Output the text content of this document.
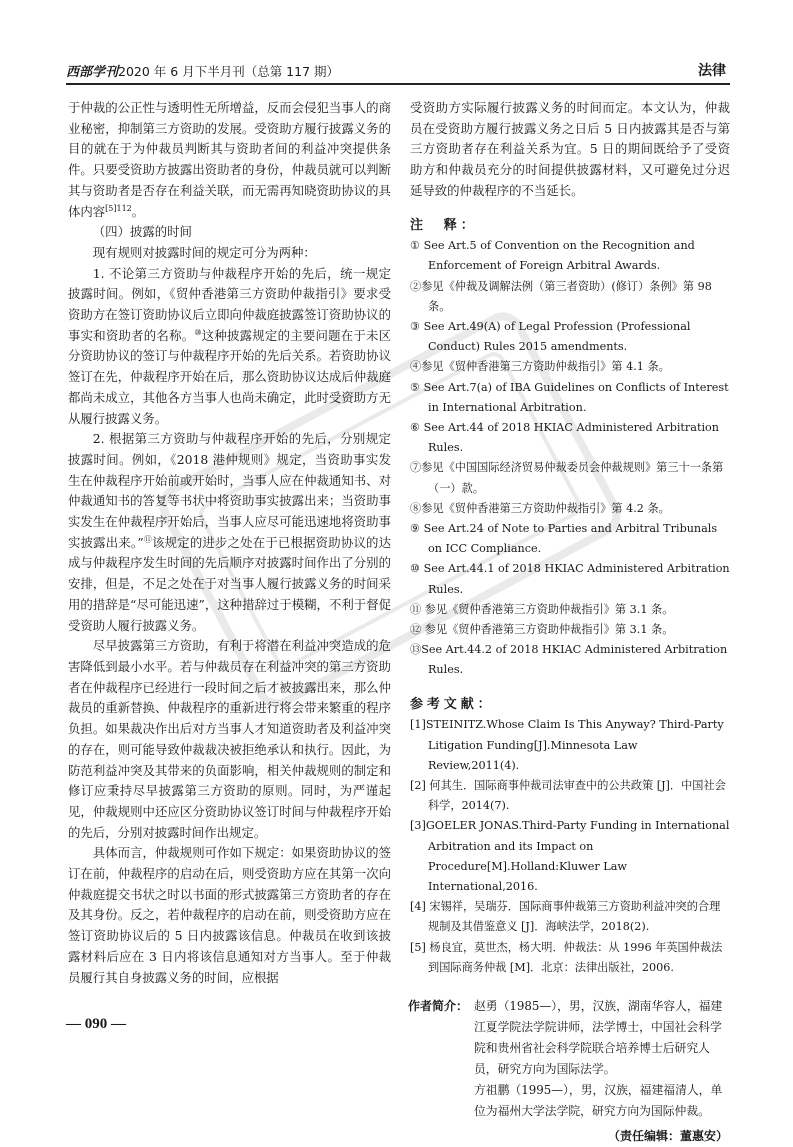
西部学刊2020 年 6 月下半月刊（总第 117 期）	法律

于仲裁的公正性与透明性无所增益，反而会侵犯当事人的商业秘密，抑制第三方资助的发展。受资助方履行披露义务的目的就在于为仲裁员判断其与资助者间的利益冲突提供条件。只要受资助方披露出资助者的身份，仲裁员就可以判断其与资助者是否存在利益关联，而无需再知晓资助协议的具体内容$^{[5]112}$。

（四）披露的时间

现有规则对披露时间的规定可分为两种：

1. 不论第三方资助与仲裁程序开始的先后，统一规定披露时间。例如，《贸仲香港第三方资助仲裁指引》要求受资助方在签订资助协议后立即向仲裁庭披露签订资助协议的事实和资助者的名称。⑩这种披露规定的主要问题在于未区分资助协议的签订与仲裁程序开始的先后关系。若资助协议签订在先，仲裁程序开始在后，那么资助协议达成后仲裁庭都尚未成立，其他各方当事人也尚未确定，此时受资助方无从履行披露义务。

2. 根据第三方资助与仲裁程序开始的先后，分别规定披露时间。例如，《2018 港仲规则》规定，当资助事实发生在仲裁程序开始前或开始时，当事人应在仲裁通知书、对仲裁通知书的答复等书状中将资助事实披露出来；当资助事实发生在仲裁程序开始后，当事人应尽可能迅速地将资助事实披露出来。”⑪该规定的进步之处在于已根据资助协议的达成与仲裁程序发生时间的先后顺序对披露时间作出了分别的安排，但是，不足之处在于对当事人履行披露义务的时间采用的措辞是“尽可能迅速”，这种措辞过于模糊，不利于督促受资助人履行披露义务。

尽早披露第三方资助，有利于将潜在利益冲突造成的危害降低到最小水平。若与仲裁员存在利益冲突的第三方资助者在仲裁程序已经进行一段时间之后才被披露出来，那么仲裁员的重新替换、仲裁程序的重新进行将会带来繁重的程序负担。如果裁决作出后对方当事人才知道资助者及利益冲突的存在，则可能导致仲裁裁决被拒绝承认和执行。因此，为防范利益冲突及其带来的负面影响，相关仲裁规则的制定和修订应秉持尽早披露第三方资助的原则。同时，为严谨起见，仲裁规则中还应区分资助协议签订时间与仲裁程序开始的先后，分别对披露时间作出规定。

具体而言，仲裁规则可作如下规定：如果资助协议的签订在前，仲裁程序的启动在后，则受资助方应在其第一次向仲裁庭提交书状之时以书面的形式披露第三方资助者的存在及其身份。反之，若仲裁程序的启动在前，则受资助方应在签订资助协议后的 5 日内披露该信息。仲裁员在收到该披露材料后应在 3 日内将该信息通知对方当事人。至于仲裁员履行其自身披露义务的时间，应根据

受资助方实际履行披露义务的时间而定。本文认为，仲裁员在受资助方履行披露义务之日后 5 日内披露其是否与第三方资助者存在利益关系为宜。5 日的期间既给予了受资助方和仲裁员充分的时间提供披露材料，又可避免过分迟延导致的仲裁程序的不当延长。

注　释：

① See Art.5 of Convention on the Recognition and Enforcement of Foreign Arbitral Awards.

②参见《仲裁及调解法例（第三者资助）(修订）条例》第 98 条。

③ See Art.49(A) of Legal Profession (Professional Conduct) Rules 2015 amendments.

④参见《贸仲香港第三方资助仲裁指引》第 4.1 条。

⑤ See Art.7(a) of IBA Guidelines on Conflicts of Interest in International Arbitration.

⑥ See Art.44 of 2018 HKIAC Administered Arbitration Rules.

⑦参见《中国国际经济贸易仲裁委员会仲裁规则》第三十一条第（一）款。

⑧参见《贸仲香港第三方资助仲裁指引》第 4.2 条。

⑨ See Art.24 of Note to Parties and Arbitral Tribunals on ICC Compliance.

⑩ See Art.44.1 of 2018 HKIAC Administered Arbitration Rules.

⑪ 参见《贸仲香港第三方资助仲裁指引》第 3.1 条。

⑫ 参见《贸仲香港第三方资助仲裁指引》第 3.1 条。

⑬See Art.44.2 of 2018 HKIAC Administered Arbitration Rules.

参考文献：

[1]STEINITZ.Whose Claim Is This Anyway? Third-Party Litigation Funding[J].Minnesota Law Review,2011(4).

[2] 何其生．国际商事仲裁司法审查中的公共政策 [J]．中国社会科学，2014(7).

[3]GOELER JONAS.Third-Party Funding in International Arbitration and its Impact on Procedure[M].Holland:Kluwer Law International,2016.

[4] 宋锡祥，吴瑞芬．国际商事仲裁第三方资助利益冲突的合理规制及其借鉴意义 [J]．海峡法学，2018(2).

[5] 杨良宜，莫世杰，杨大明．仲裁法：从 1996 年英国仲裁法到国际商务仲裁 [M]．北京：法律出版社，2006.

作者简介： 赵勇（1985—），男，汉族，湖南华容人，福建江夏学院法学院讲师，法学博士，中国社会科学院和贵州省社会科学院联合培养博士后研究人员，研究方向为国际法学。

方祖鹏（1995—），男，汉族，福建福清人，单位为福州大学法学院，研究方向为国际仲裁。

（责任编辑：董惠安）
— 090 —
